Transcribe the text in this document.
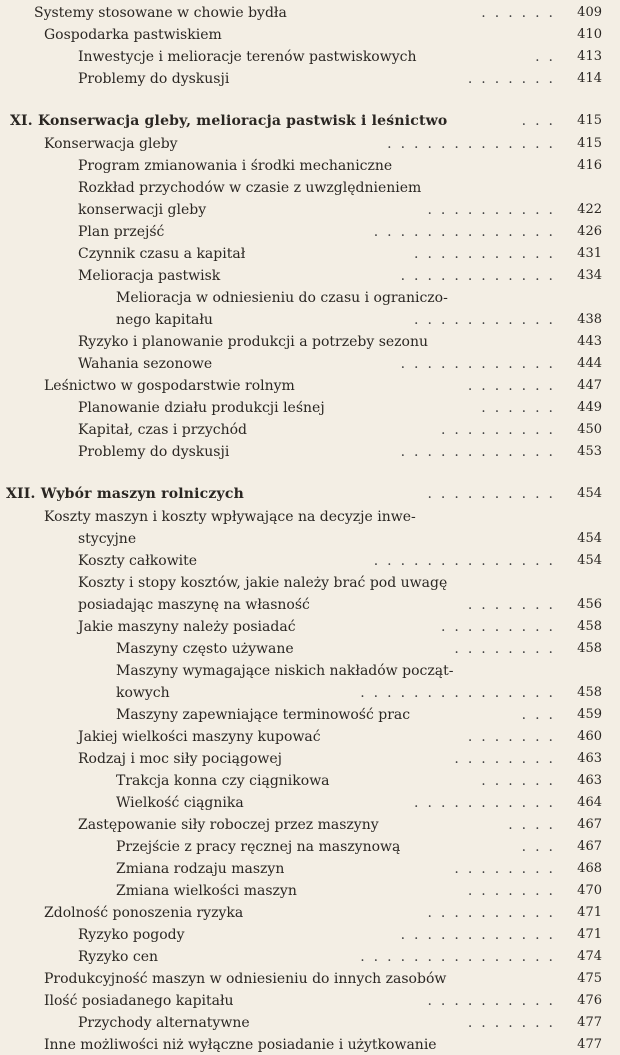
Systemy stosowane w chowie bydła	......	409
Gospodarka pastwiskiem	410
Inwestycje i melioracje terenów pastwiskowych	..	413
Problemy do dyskusji	.......	414
XI. Konserwacja gleby, melioracja pastwisk i leśnictwo	...	415
Konserwacja gleby	.............	415
Program zmianowania i środki mechaniczne	416
Rozkład przychodów w czasie z uwzględnieniem
konserwacji gleby	..........	422
Plan przejść	..............	426
Czynnik czasu a kapitał	...........	431
Melioracja pastwisk	............	434
Melioracja w odniesieniu do czasu i ograniczo-
nego kapitału	...........	438
Ryzyko i planowanie produkcji a potrzeby sezonu	443
Wahania sezonowe	............	444
Leśnictwo w gospodarstwie rolnym	.......	447
Planowanie działu produkcji leśnej	......	449
Kapitał, czas i przychód	.........	450
Problemy do dyskusji	............	453
XII. Wybór maszyn rolniczych	..........	454
Koszty maszyn i koszty wpływające na decyzje inwe-
stycyjne	454
Koszty całkowite	..............	454
Koszty i stopy kosztów, jakie należy brać pod uwagę
posiadając maszynę na własność	.......	456
Jakie maszyny należy posiadać	.........	458
Maszyny często używane	........	458
Maszyny wymagające niskich nakładów począt-
kowych	...............	458
Maszyny zapewniające terminowość prac	...	459
Jakiej wielkości maszyny kupować	.......	460
Rodzaj i moc siły pociągowej	........	463
Trakcja konna czy ciągnikowa	......	463
Wielkość ciągnika	...........	464
Zastępowanie siły roboczej przez maszyny	....	467
Przejście z pracy ręcznej na maszynową	...	467
Zmiana rodzaju maszyn	........	468
Zmiana wielkości maszyn	.......	470
Zdolność ponoszenia ryzyka	..........	471
Ryzyko pogody	............	471
Ryzyko cen	...............	474
Produkcyjność maszyn w odniesieniu do innych zasobów	475
Ilość posiadanego kapitału	..........	476
Przychody alternatywne	.......	477
Inne możliwości niż wyłączne posiadanie i użytkowanie	477
